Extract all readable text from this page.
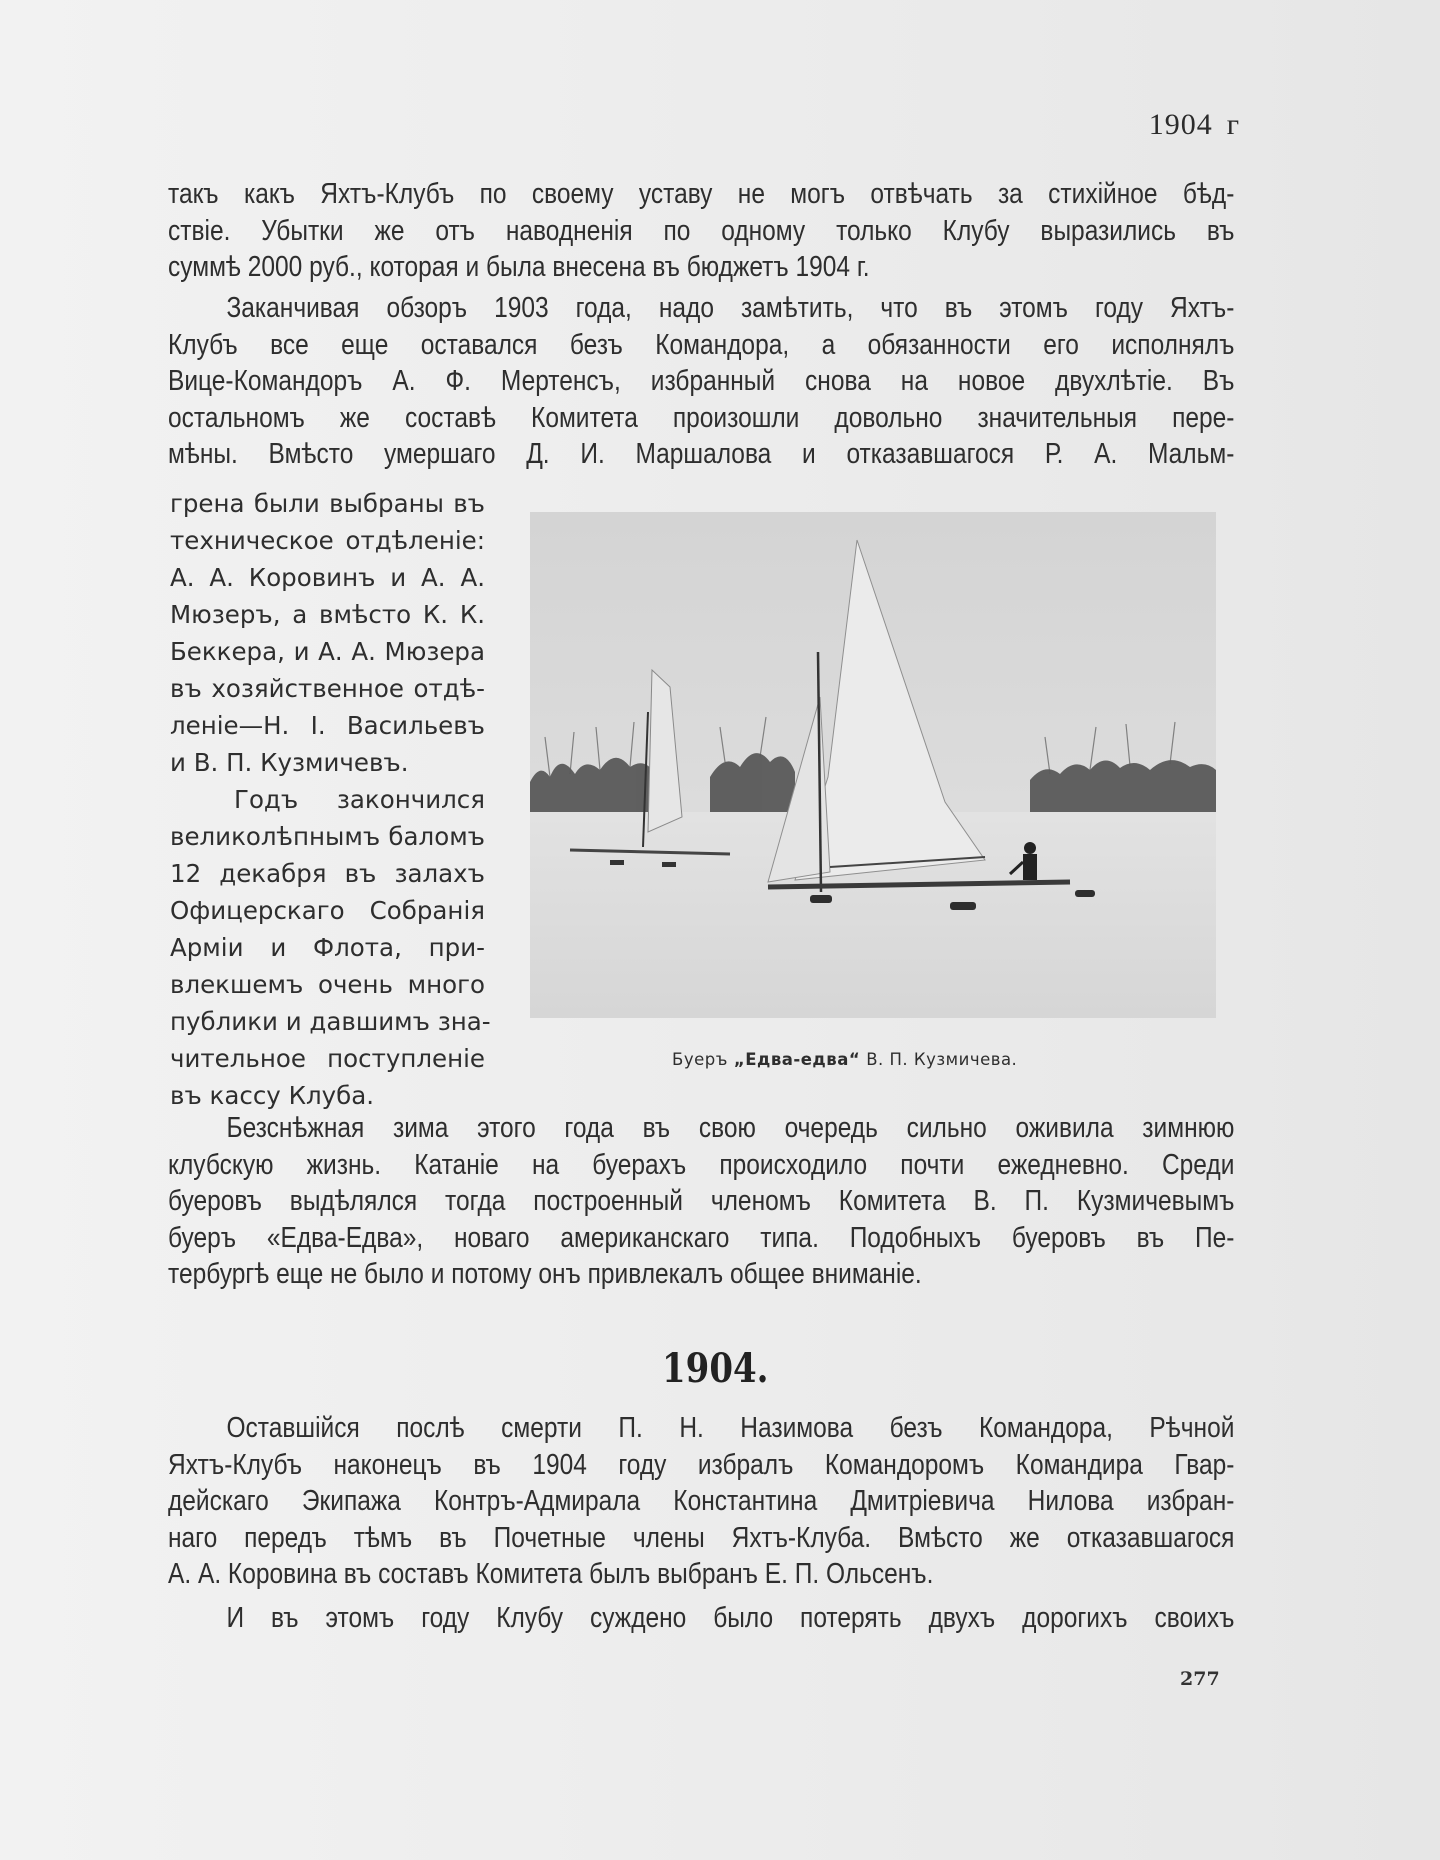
1904 г
такъ какъ Яхтъ-Клубъ по своему уставу не могъ отвѣчать за стихiйное бѣд-
ствiе. Убытки же отъ наводненiя по одному только Клубу выразились въ
суммѣ 2000 руб., которая и была внесена въ бюджетъ 1904 г.
Заканчивая обзоръ 1903 года, надо замѣтить, что въ этомъ году Яхтъ-
Клубъ все еще оставался безъ Командора, а обязанности его исполнялъ
Вице-Командоръ А. Ф. Мертенсъ, избранный снова на новое двухлѣтiе. Въ
остальномъ же составѣ Комитета произошли довольно значительныя пере-
мѣны. Вмѣсто умершаго Д. И. Маршалова и отказавшагося Р. А. Мальм-
грена были выбраны въ
техническое отдѣленiе:
А. А. Коровинъ и А. А.
Мюзеръ, а вмѣсто К. К.
Беккера, и А. А. Мюзера
въ хозяйственное отдѣ-
ленiе—Н. I. Васильевъ
и В. П. Кузмичевъ.
Годъ закончился
великолѣпнымъ баломъ
12 декабря въ залахъ
Офицерскаго Собранiя
Армiи и Флота, при-
влекшемъ очень много
публики и давшимъ зна-
чительное поступленiе
въ кассу Клуба.
Буеръ „Едва-едва“ В. П. Кузмичева.
Безснѣжная зима этого года въ свою очередь сильно оживила зимнюю
клубскую жизнь. Катанiе на буерахъ происходило почти ежедневно. Среди
буеровъ выдѣлялся тогда построенный членомъ Комитета В. П. Кузмичевымъ
буеръ «Едва-Едва», новаго американскаго типа. Подобныхъ буеровъ въ Пе-
тербургѣ еще не было и потому онъ привлекалъ общее вниманiе.
1904.
Оставшiйся послѣ смерти П. Н. Назимова безъ Командора, Рѣчной
Яхтъ-Клубъ наконецъ въ 1904 году избралъ Командоромъ Командира Гвар-
дейскаго Экипажа Контръ-Адмирала Константина Дмитрiевича Нилова избран-
наго передъ тѣмъ въ Почетные члены Яхтъ-Клуба. Вмѣсто же отказавшагося
А. А. Коровина въ составъ Комитета былъ выбранъ Е. П. Ольсенъ.
И въ этомъ году Клубу суждено было потерять двухъ дорогихъ своихъ
277
